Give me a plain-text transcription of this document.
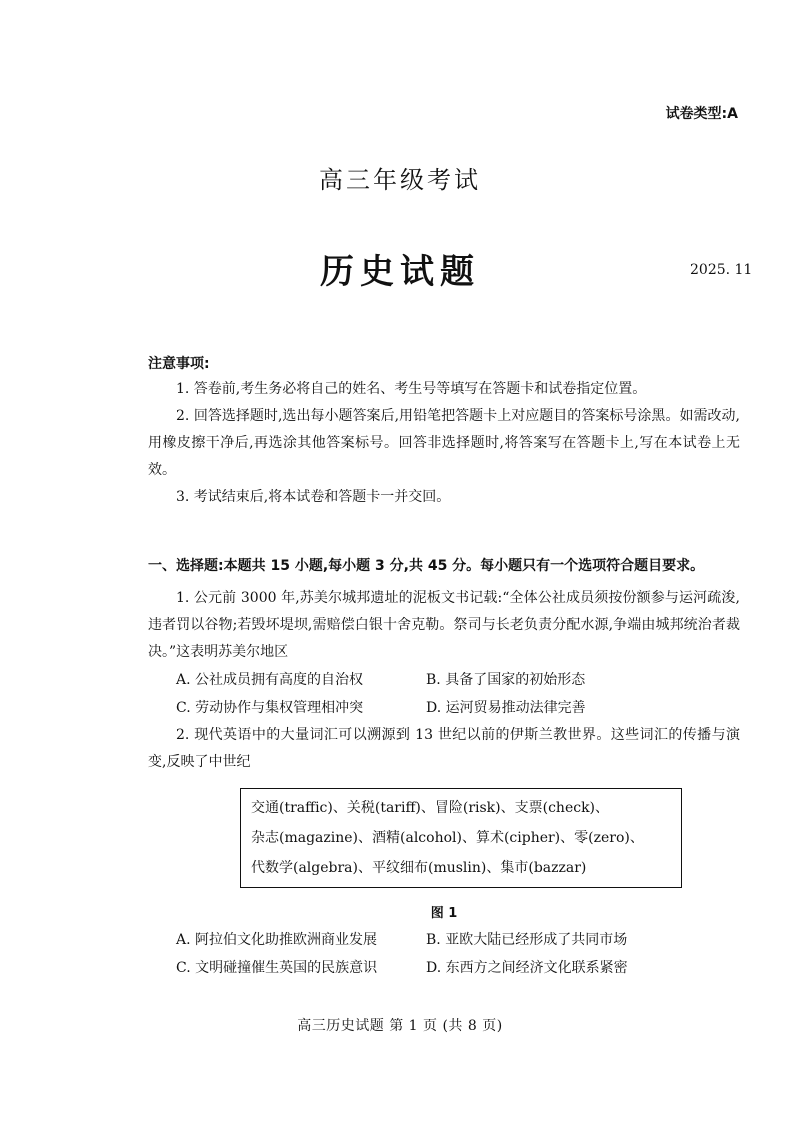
试卷类型:A
高三年级考试
历史试题	2025. 11
注意事项:

1. 答卷前,考生务必将自己的姓名、考生号等填写在答题卡和试卷指定位置。

2. 回答选择题时,选出每小题答案后,用铅笔把答题卡上对应题目的答案标号涂黑。如需改动,用橡皮擦干净后,再选涂其他答案标号。回答非选择题时,将答案写在答题卡上,写在本试卷上无效。

3. 考试结束后,将本试卷和答题卡一并交回。

一、选择题:本题共 15 小题,每小题 3 分,共 45 分。每小题只有一个选项符合题目要求。

1. 公元前 3000 年,苏美尔城邦遗址的泥板文书记载:“全体公社成员须按份额参与运河疏浚,违者罚以谷物;若毁坏堤坝,需赔偿白银十舍克勒。祭司与长老负责分配水源,争端由城邦统治者裁决。”这表明苏美尔地区

A. 公社成员拥有高度的自治权	B. 具备了国家的初始形态
C. 劳动协作与集权管理相冲突	D. 运河贸易推动法律完善

2. 现代英语中的大量词汇可以溯源到 13 世纪以前的伊斯兰教世界。这些词汇的传播与演变,反映了中世纪

交通(traffic)、关税(tariff)、冒险(risk)、支票(check)、
杂志(magazine)、酒精(alcohol)、算术(cipher)、零(zero)、
代数学(algebra)、平纹细布(muslin)、集市(bazzar)
图 1
A. 阿拉伯文化助推欧洲商业发展	B. 亚欧大陆已经形成了共同市场
C. 文明碰撞催生英国的民族意识	D. 东西方之间经济文化联系紧密
高三历史试题 第 1 页 (共 8 页)
